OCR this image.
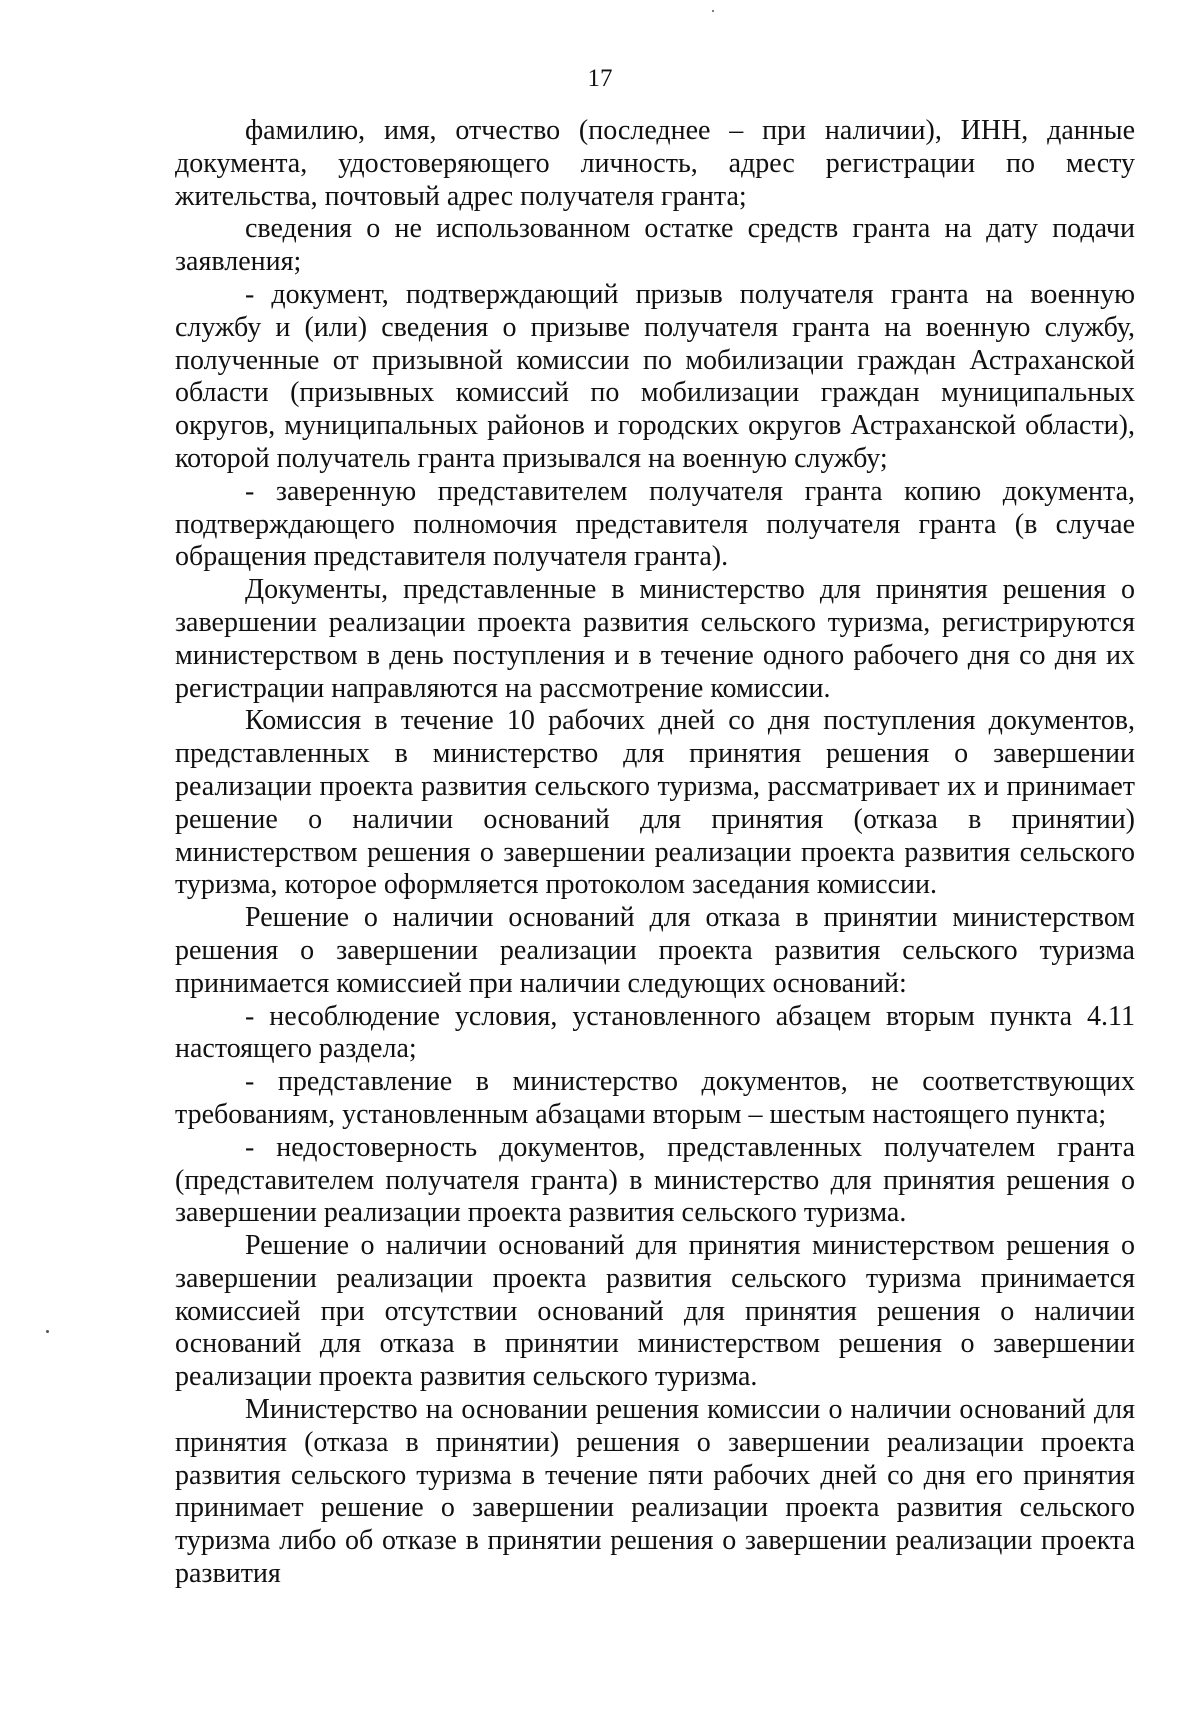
17

фамилию, имя, отчество (последнее – при наличии), ИНН, данные документа, удостоверяющего личность, адрес регистрации по месту жительства, почтовый адрес получателя гранта;

сведения о не использованном остатке средств гранта на дату подачи заявления;

- документ, подтверждающий призыв получателя гранта на военную службу и (или) сведения о призыве получателя гранта на военную службу, полученные от призывной комиссии по мобилизации граждан Астраханской области (призывных комиссий по мобилизации граждан муниципальных округов, муниципальных районов и городских округов Астраханской области), которой получатель гранта призывался на военную службу;

- заверенную представителем получателя гранта копию документа, подтверждающего полномочия представителя получателя гранта (в случае обращения представителя получателя гранта).

Документы, представленные в министерство для принятия решения о завершении реализации проекта развития сельского туризма, регистрируются министерством в день поступления и в течение одного рабочего дня со дня их регистрации направляются на рассмотрение комиссии.

Комиссия в течение 10 рабочих дней со дня поступления документов, представленных в министерство для принятия решения о завершении реализации проекта развития сельского туризма, рассматривает их и принимает решение о наличии оснований для принятия (отказа в принятии) министерством решения о завершении реализации проекта развития сельского туризма, которое оформляется протоколом заседания комиссии.

Решение о наличии оснований для отказа в принятии министерством решения о завершении реализации проекта развития сельского туризма принимается комиссией при наличии следующих оснований:

- несоблюдение условия, установленного абзацем вторым пункта 4.11 настоящего раздела;

- представление в министерство документов, не соответствующих требованиям, установленным абзацами вторым – шестым настоящего пункта;

- недостоверность документов, представленных получателем гранта (представителем получателя гранта) в министерство для принятия решения о завершении реализации проекта развития сельского туризма.

Решение о наличии оснований для принятия министерством решения о завершении реализации проекта развития сельского туризма принимается комиссией при отсутствии оснований для принятия решения о наличии оснований для отказа в принятии министерством решения о завершении реализации проекта развития сельского туризма.

Министерство на основании решения комиссии о наличии оснований для принятия (отказа в принятии) решения о завершении реализации проекта развития сельского туризма в течение пяти рабочих дней со дня его принятия принимает решение о завершении реализации проекта развития сельского туризма либо об отказе в принятии решения о завершении реализации проекта развития
